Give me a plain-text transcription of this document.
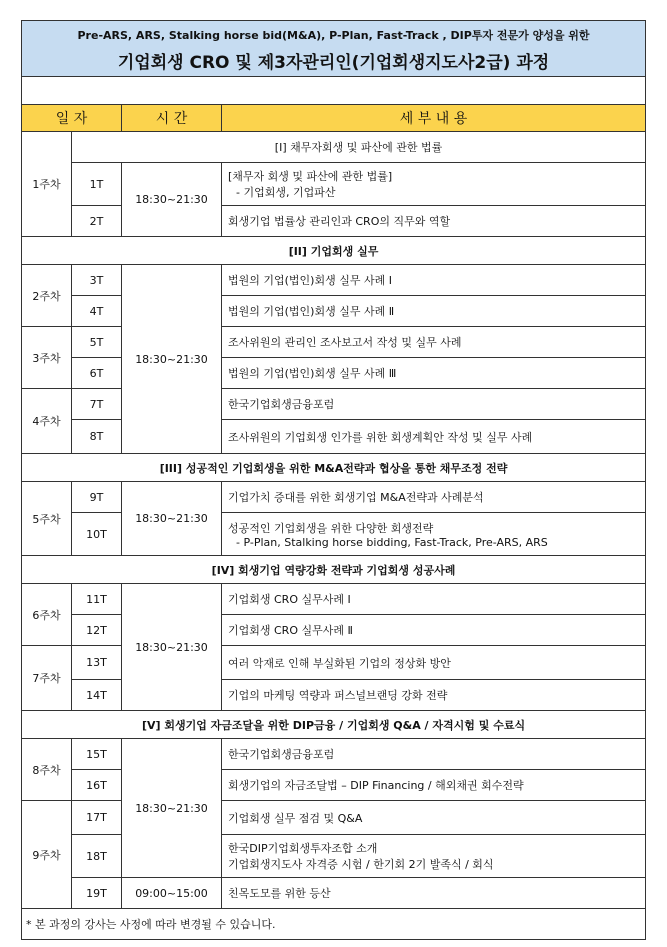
Pre-ARS, ARS, Stalking horse bid(M&A), P-Plan, Fast-Track , DIP투자 전문가 양성을 위한
기업회생 CRO 및 제3자관리인(기업회생지도사2급) 과정			

일 자		시 간	세 부 내 용
1주차	[I] 채무자회생 및 파산에 관한 법률		
	1T	18:30~21:30	[채무자 회생 및 파산에 관한 법률]
- 기업회생, 기업파산

	2T		회생기업 법률상 관리인과 CRO의 직무와 역할
[II] 기업회생 실무			
2주차	3T	18:30~21:30	법원의 기업(법인)회생 실무 사례 Ⅰ
	4T		법원의 기업(법인)회생 실무 사례 Ⅱ
3주차	5T		조사위원의 관리인 조사보고서 작성 및 실무 사례
	6T		법원의 기업(법인)회생 실무 사례 Ⅲ
4주차	7T		한국기업회생금융포럼
	8T		조사위원의 기업회생 인가를 위한 회생계획안 작성 및 실무 사례
[III] 성공적인 기업회생을 위한 M&A전략과 협상을 통한 채무조정 전략			
5주차	9T	18:30~21:30	기업가치 증대를 위한 회생기업 M&A전략과 사례분석
	10T		성공적인 기업회생을 위한 다양한 회생전략
- P-Plan, Stalking horse bidding, Fast-Track, Pre-ARS, ARS

[IV] 회생기업 역량강화 전략과 기업회생 성공사례			
6주차	11T	18:30~21:30	기업회생 CRO 실무사례 Ⅰ
	12T		기업회생 CRO 실무사례 Ⅱ
7주차	13T		여러 악재로 인해 부실화된 기업의 정상화 방안
	14T		기업의 마케팅 역량과 퍼스널브랜딩 강화 전략
[V] 회생기업 자금조달을 위한 DIP금융 / 기업회생 Q&A / 자격시험 및 수료식			
8주차	15T	18:30~21:30	한국기업회생금융포럼
	16T		회생기업의 자금조달법 – DIP Financing / 해외채권 회수전략
9주차	17T		기업회생 실무 점검 및 Q&A
	18T		한국DIP기업회생투자조합 소개
기업회생지도사 자격증 시험 / 한기회 2기 발족식 / 회식

	19T	09:00~15:00	친목도모를 위한 등산
* 본 과정의 강사는 사정에 따라 변경될 수 있습니다.			
